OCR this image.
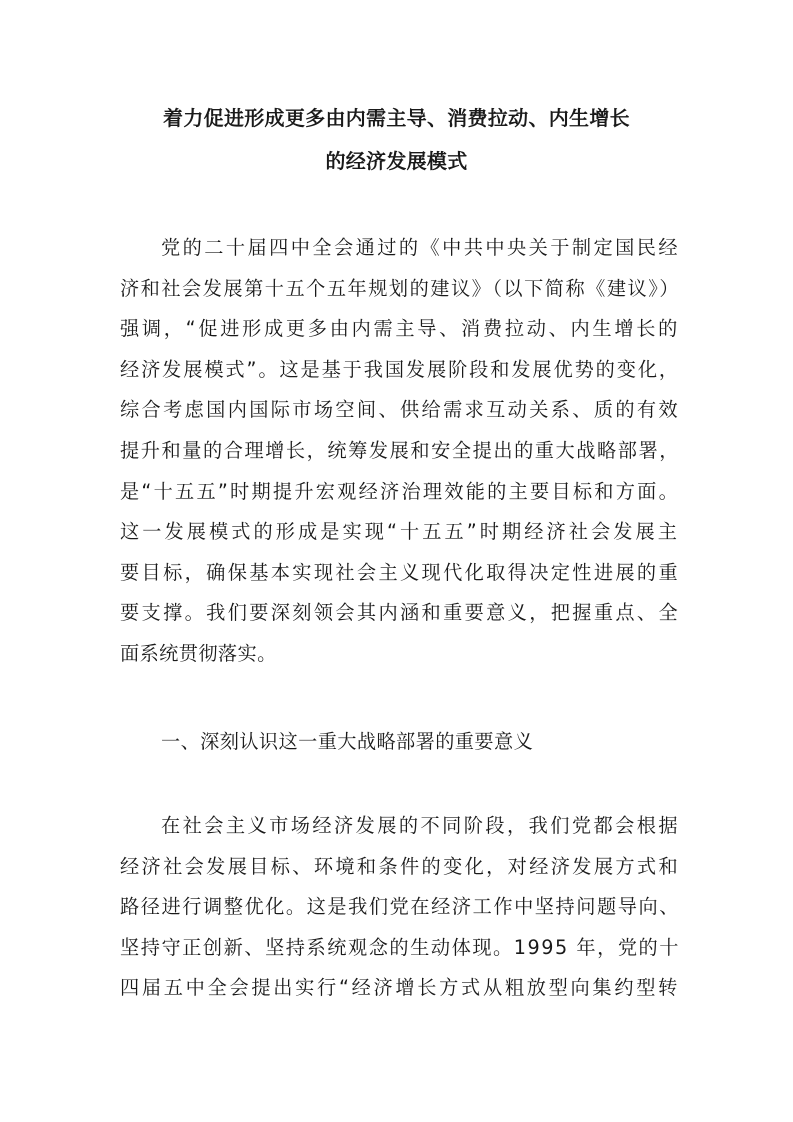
着力促进形成更多由内需主导、消费拉动、内生增长
的经济发展模式
党的二十届四中全会通过的《中共中央关于制定国民经
济和社会发展第十五个五年规划的建议》（以下简称《建议》）
强调，“促进形成更多由内需主导、消费拉动、内生增长的
经济发展模式”。这是基于我国发展阶段和发展优势的变化，
综合考虑国内国际市场空间、供给需求互动关系、质的有效
提升和量的合理增长，统筹发展和安全提出的重大战略部署，
是“十五五”时期提升宏观经济治理效能的主要目标和方面。
这一发展模式的形成是实现“十五五”时期经济社会发展主
要目标，确保基本实现社会主义现代化取得决定性进展的重
要支撑。我们要深刻领会其内涵和重要意义，把握重点、全
面系统贯彻落实。
一、深刻认识这一重大战略部署的重要意义
在社会主义市场经济发展的不同阶段，我们党都会根据
经济社会发展目标、环境和条件的变化，对经济发展方式和
路径进行调整优化。这是我们党在经济工作中坚持问题导向、
坚持守正创新、坚持系统观念的生动体现。1995 年，党的十
四届五中全会提出实行“经济增长方式从粗放型向集约型转
